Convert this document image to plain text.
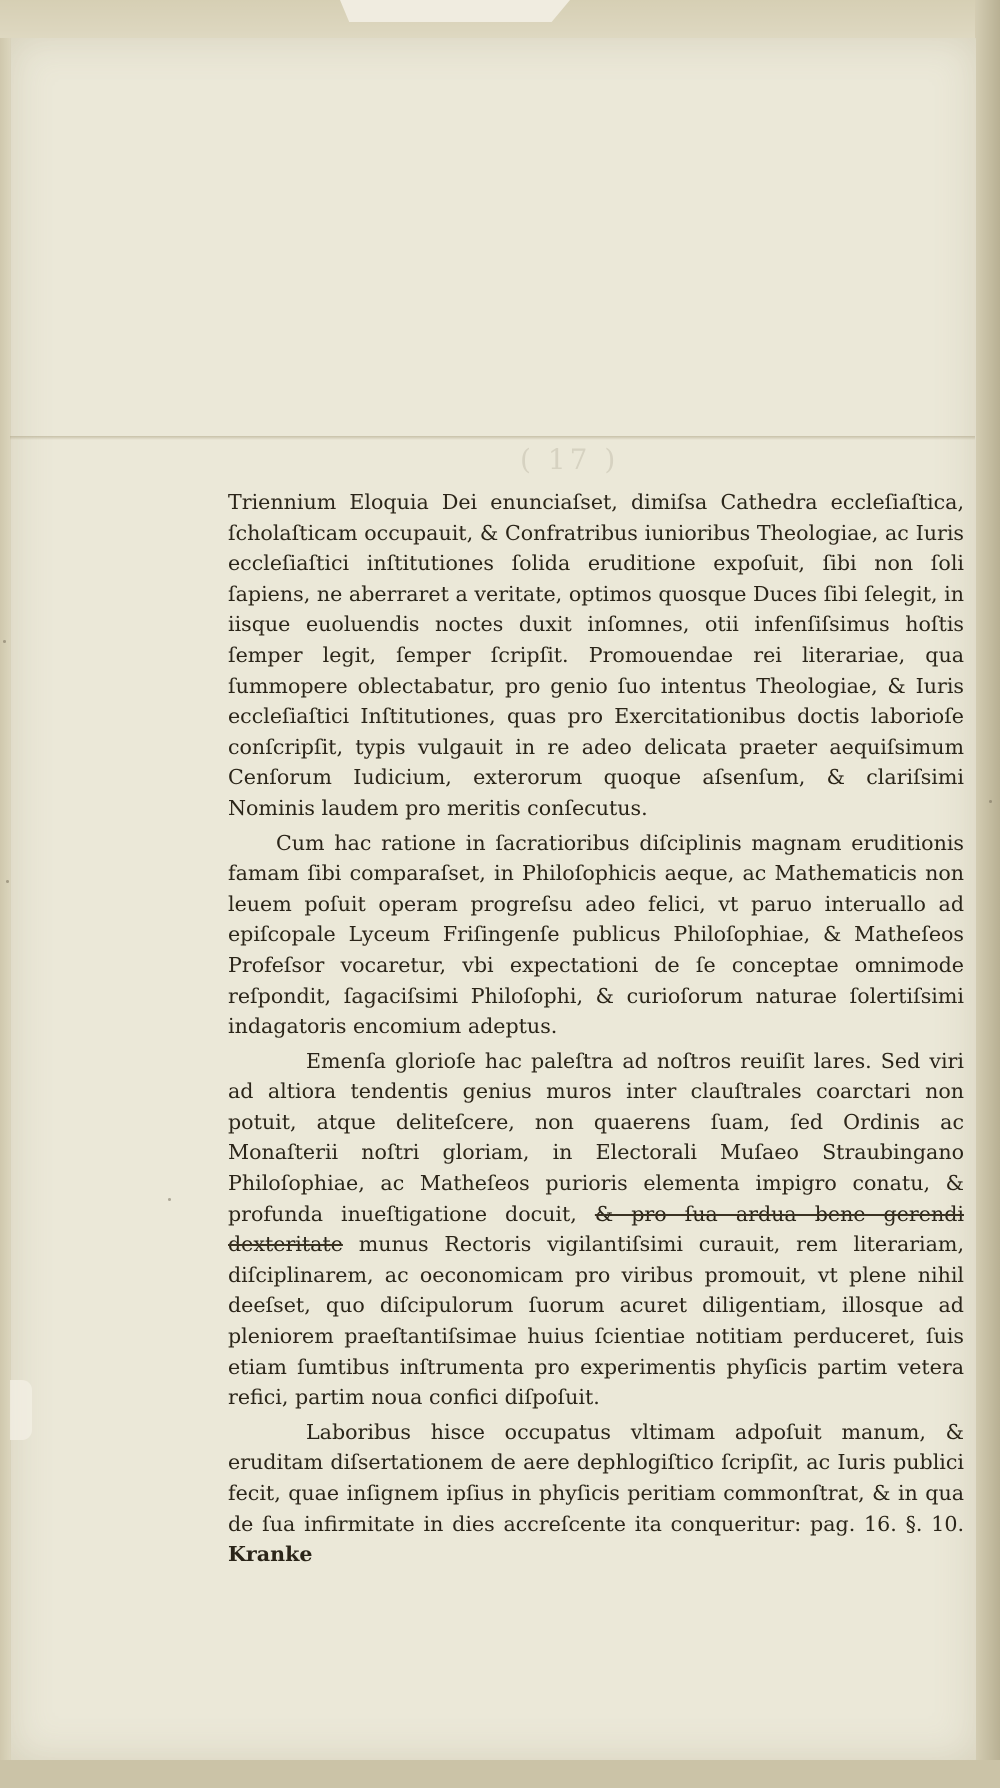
( 17 )

Triennium Eloquia Dei enunciaſset, dimiſsa Cathedra eccleſiaſtica, ſcholaſticam occupauit, & Confratribus iunioribus Theologiae, ac Iuris eccleſiaſtici inſtitutiones ſolida eruditione expoſuit, ſibi non ſoli ſapiens, ne aberraret a veritate, optimos quosque Duces ſibi ſelegit, in iisque euoluendis noctes duxit inſomnes, otii infenſiſsimus hoſtis ſemper legit, ſemper ſcripſit. Promouendae rei literariae, qua ſummopere oblectabatur, pro genio ſuo intentus Theologiae, & Iuris eccleſiaſtici Inſtitutiones, quas pro Exercitationibus doctis laborioſe conſcripſit, typis vulgauit in re adeo delicata praeter aequiſsimum Cenſorum Iudicium, exterorum quoque aſsenſum, & clariſsimi Nominis laudem pro meritis conſecutus.

Cum hac ratione in ſacratioribus diſciplinis magnam eruditionis famam ſibi comparaſset, in Philoſophicis aeque, ac Mathematicis non leuem poſuit operam progreſsu adeo felici, vt paruo interuallo ad epiſcopale Lyceum Friſingenſe publicus Philoſophiae, & Matheſeos Profeſsor vocaretur, vbi expectationi de ſe conceptae omnimode reſpondit, ſagaciſsimi Philoſophi, & curioſorum naturae ſolertiſsimi indagatoris encomium adeptus.

Emenſa glorioſe hac paleſtra ad noſtros reuiſit lares. Sed viri ad altiora tendentis genius muros inter clauſtrales coarctari non potuit, atque deliteſcere, non quaerens ſuam, ſed Ordinis ac Monaſterii noſtri gloriam, in Electorali Muſaeo Straubingano Philoſophiae, ac Matheſeos purioris elementa impigro conatu, & profunda inueſtigatione docuit, & pro ſua ardua bene gerendi dexteritate munus Rectoris vigilantiſsimi curauit, rem literariam, diſciplinarem, ac oeconomicam pro viribus promouit, vt plene nihil deeſset, quo diſcipulorum ſuorum acuret diligentiam, illosque ad pleniorem praeſtantiſsimae huius ſcientiae notitiam perduceret, ſuis etiam ſumtibus inſtrumenta pro experimentis phyſicis partim vetera refici, partim noua confici diſpoſuit.

Laboribus hisce occupatus vltimam adpoſuit manum, & eruditam diſsertationem de aere dephlogiſtico ſcripſit, ac Iuris publici fecit, quae inſignem ipſius in phyſicis peritiam commonſtrat, & in qua de ſua infirmitate in dies accreſcente ita conqueritur: pag. 16. §. 10. Kranke
